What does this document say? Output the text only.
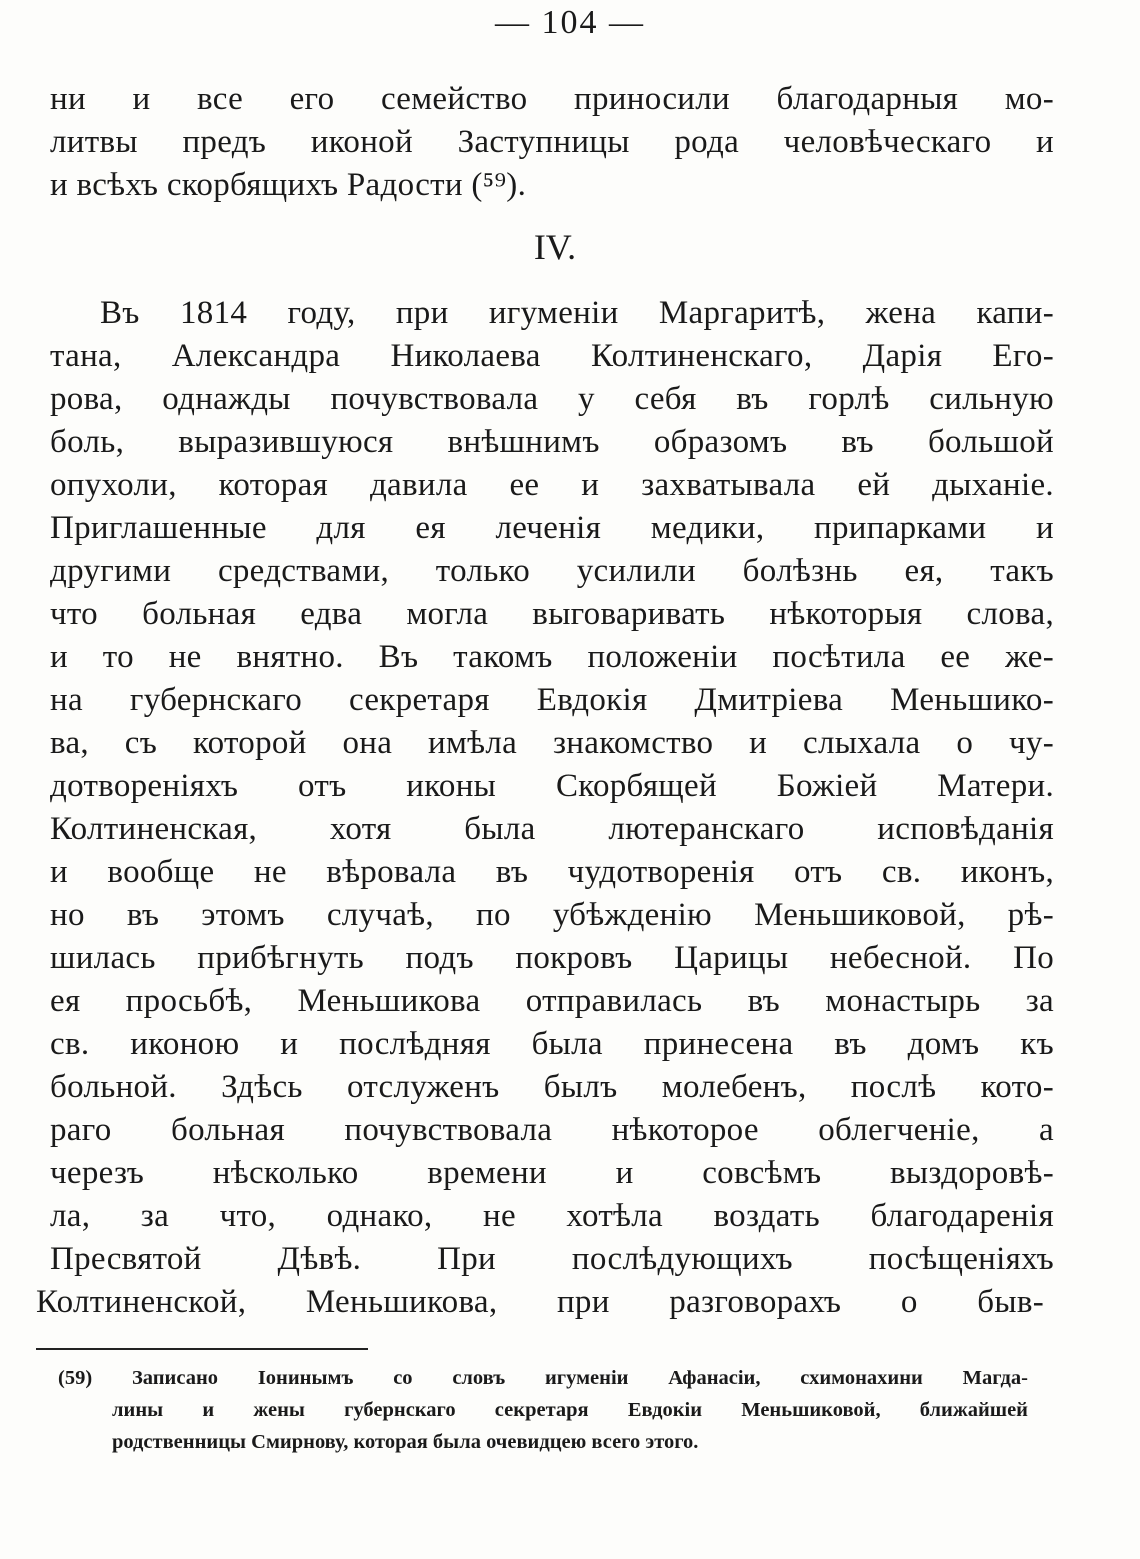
— 104 —
ни и все его семейство приносили благодарныя мо-
литвы предъ иконой Заступницы рода человѣческаго и
и всѣхъ скорбящихъ Радости (⁵⁹).
IV.
Въ 1814 году, при игуменіи Маргаритѣ, жена капи-
тана, Александра Николаева Колтиненскаго, Дарія Его-
рова, однажды почувствовала у себя въ горлѣ сильную
боль, выразившуюся внѣшнимъ образомъ въ большой
опухоли, которая давила ее и захватывала ей дыханіе.
Приглашенные для ея леченія медики, припарками и
другими средствами, только усилили болѣзнь ея, такъ
что больная едва могла выговаривать нѣкоторыя слова,
и то не внятно. Въ такомъ положеніи посѣтила ее же-
на губернскаго секретаря Евдокія Дмитріева Меньшико-
ва, съ которой она имѣла знакомство и слыхала о чу-
дотвореніяхъ отъ иконы Скорбящей Божіей Матери.
Колтиненская, хотя была лютеранскаго исповѣданія
и вообще не вѣровала въ чудотворенія отъ св. иконъ,
но въ этомъ случаѣ, по убѣжденію Меньшиковой, рѣ-
шилась прибѣгнуть подъ покровъ Царицы небесной. По
ея просьбѣ, Меньшикова отправилась въ монастырь за
св. иконою и послѣдняя была принесена въ домъ къ
больной. Здѣсь отслуженъ былъ молебенъ, послѣ кото-
раго больная почувствовала нѣкоторое облегченіе, а
черезъ нѣсколько времени и совсѣмъ выздоровѣ-
ла, за что, однако, не хотѣла воздать благодаренія
Пресвятой Дѣвѣ. При послѣдующихъ посѣщеніяхъ
Колтиненской, Меньшикова, при разговорахъ о быв-
(59) Записано Іонинымъ со словъ игуменіи Афанасіи, схимонахини Магда-
лины и жены губернскаго секретаря Евдокіи Меньшиковой, ближайшей
родственницы Смирнову, которая была очевидцею всего этого.
